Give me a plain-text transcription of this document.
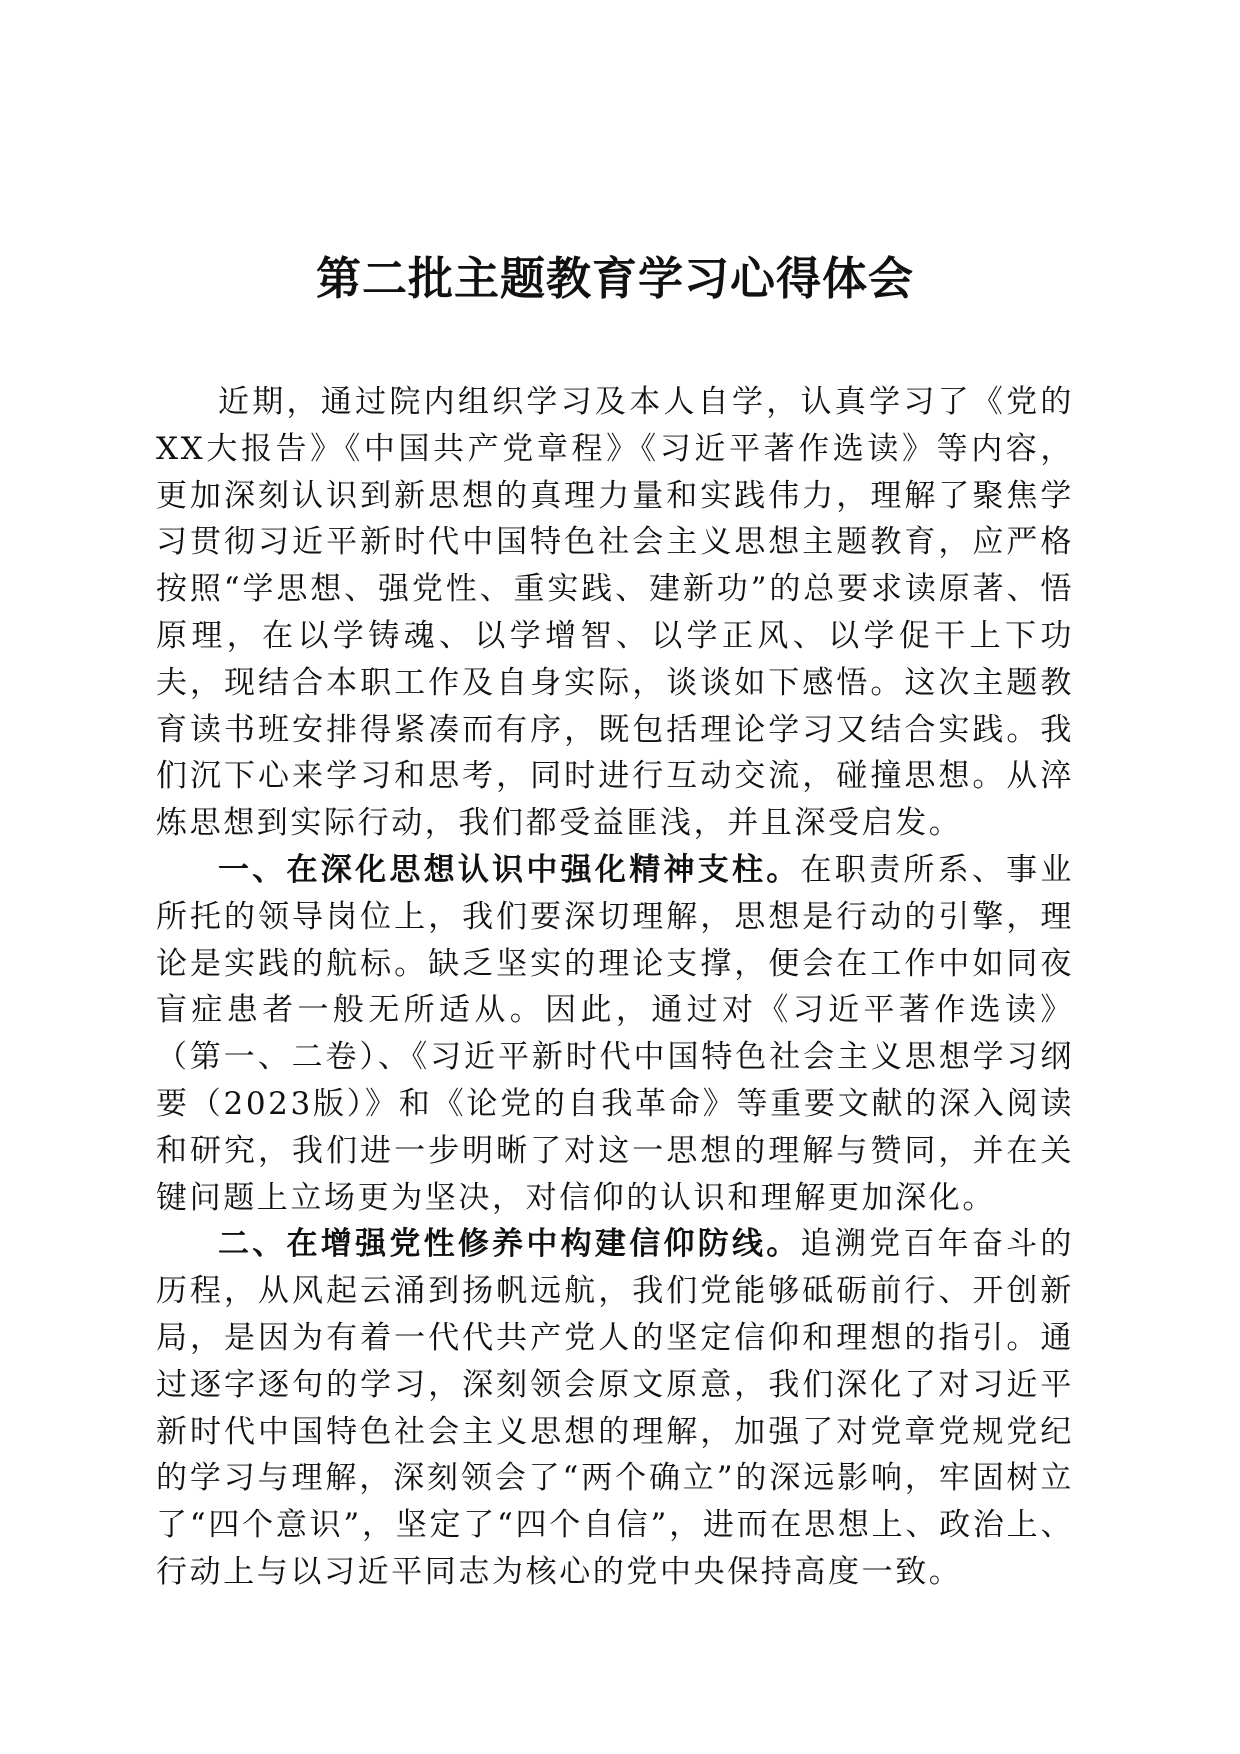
第二批主题教育学习心得体会

近期，通过院内组织学习及本人自学，认真学习了《党的XX大报告》《中国共产党章程》《习近平著作选读》等内容，更加深刻认识到新思想的真理力量和实践伟力，理解了聚焦学习贯彻习近平新时代中国特色社会主义思想主题教育，应严格按照“学思想、强党性、重实践、建新功”的总要求读原著、悟原理，在以学铸魂、以学增智、以学正风、以学促干上下功夫，现结合本职工作及自身实际，谈谈如下感悟。这次主题教育读书班安排得紧凑而有序，既包括理论学习又结合实践。我们沉下心来学习和思考，同时进行互动交流，碰撞思想。从淬炼思想到实际行动，我们都受益匪浅，并且深受启发。

一、在深化思想认识中强化精神支柱。在职责所系、事业所托的领导岗位上，我们要深切理解，思想是行动的引擎，理论是实践的航标。缺乏坚实的理论支撑，便会在工作中如同夜盲症患者一般无所适从。因此，通过对《习近平著作选读》（第一、二卷）、《习近平新时代中国特色社会主义思想学习纲要（2023版）》和《论党的自我革命》等重要文献的深入阅读和研究，我们进一步明晰了对这一思想的理解与赞同，并在关键问题上立场更为坚决，对信仰的认识和理解更加深化。

二、在增强党性修养中构建信仰防线。追溯党百年奋斗的历程，从风起云涌到扬帆远航，我们党能够砥砺前行、开创新局，是因为有着一代代共产党人的坚定信仰和理想的指引。通过逐字逐句的学习，深刻领会原文原意，我们深化了对习近平新时代中国特色社会主义思想的理解，加强了对党章党规党纪的学习与理解，深刻领会了“两个确立”的深远影响，牢固树立了“四个意识”，坚定了“四个自信”，进而在思想上、政治上、行动上与以习近平同志为核心的党中央保持高度一致。
